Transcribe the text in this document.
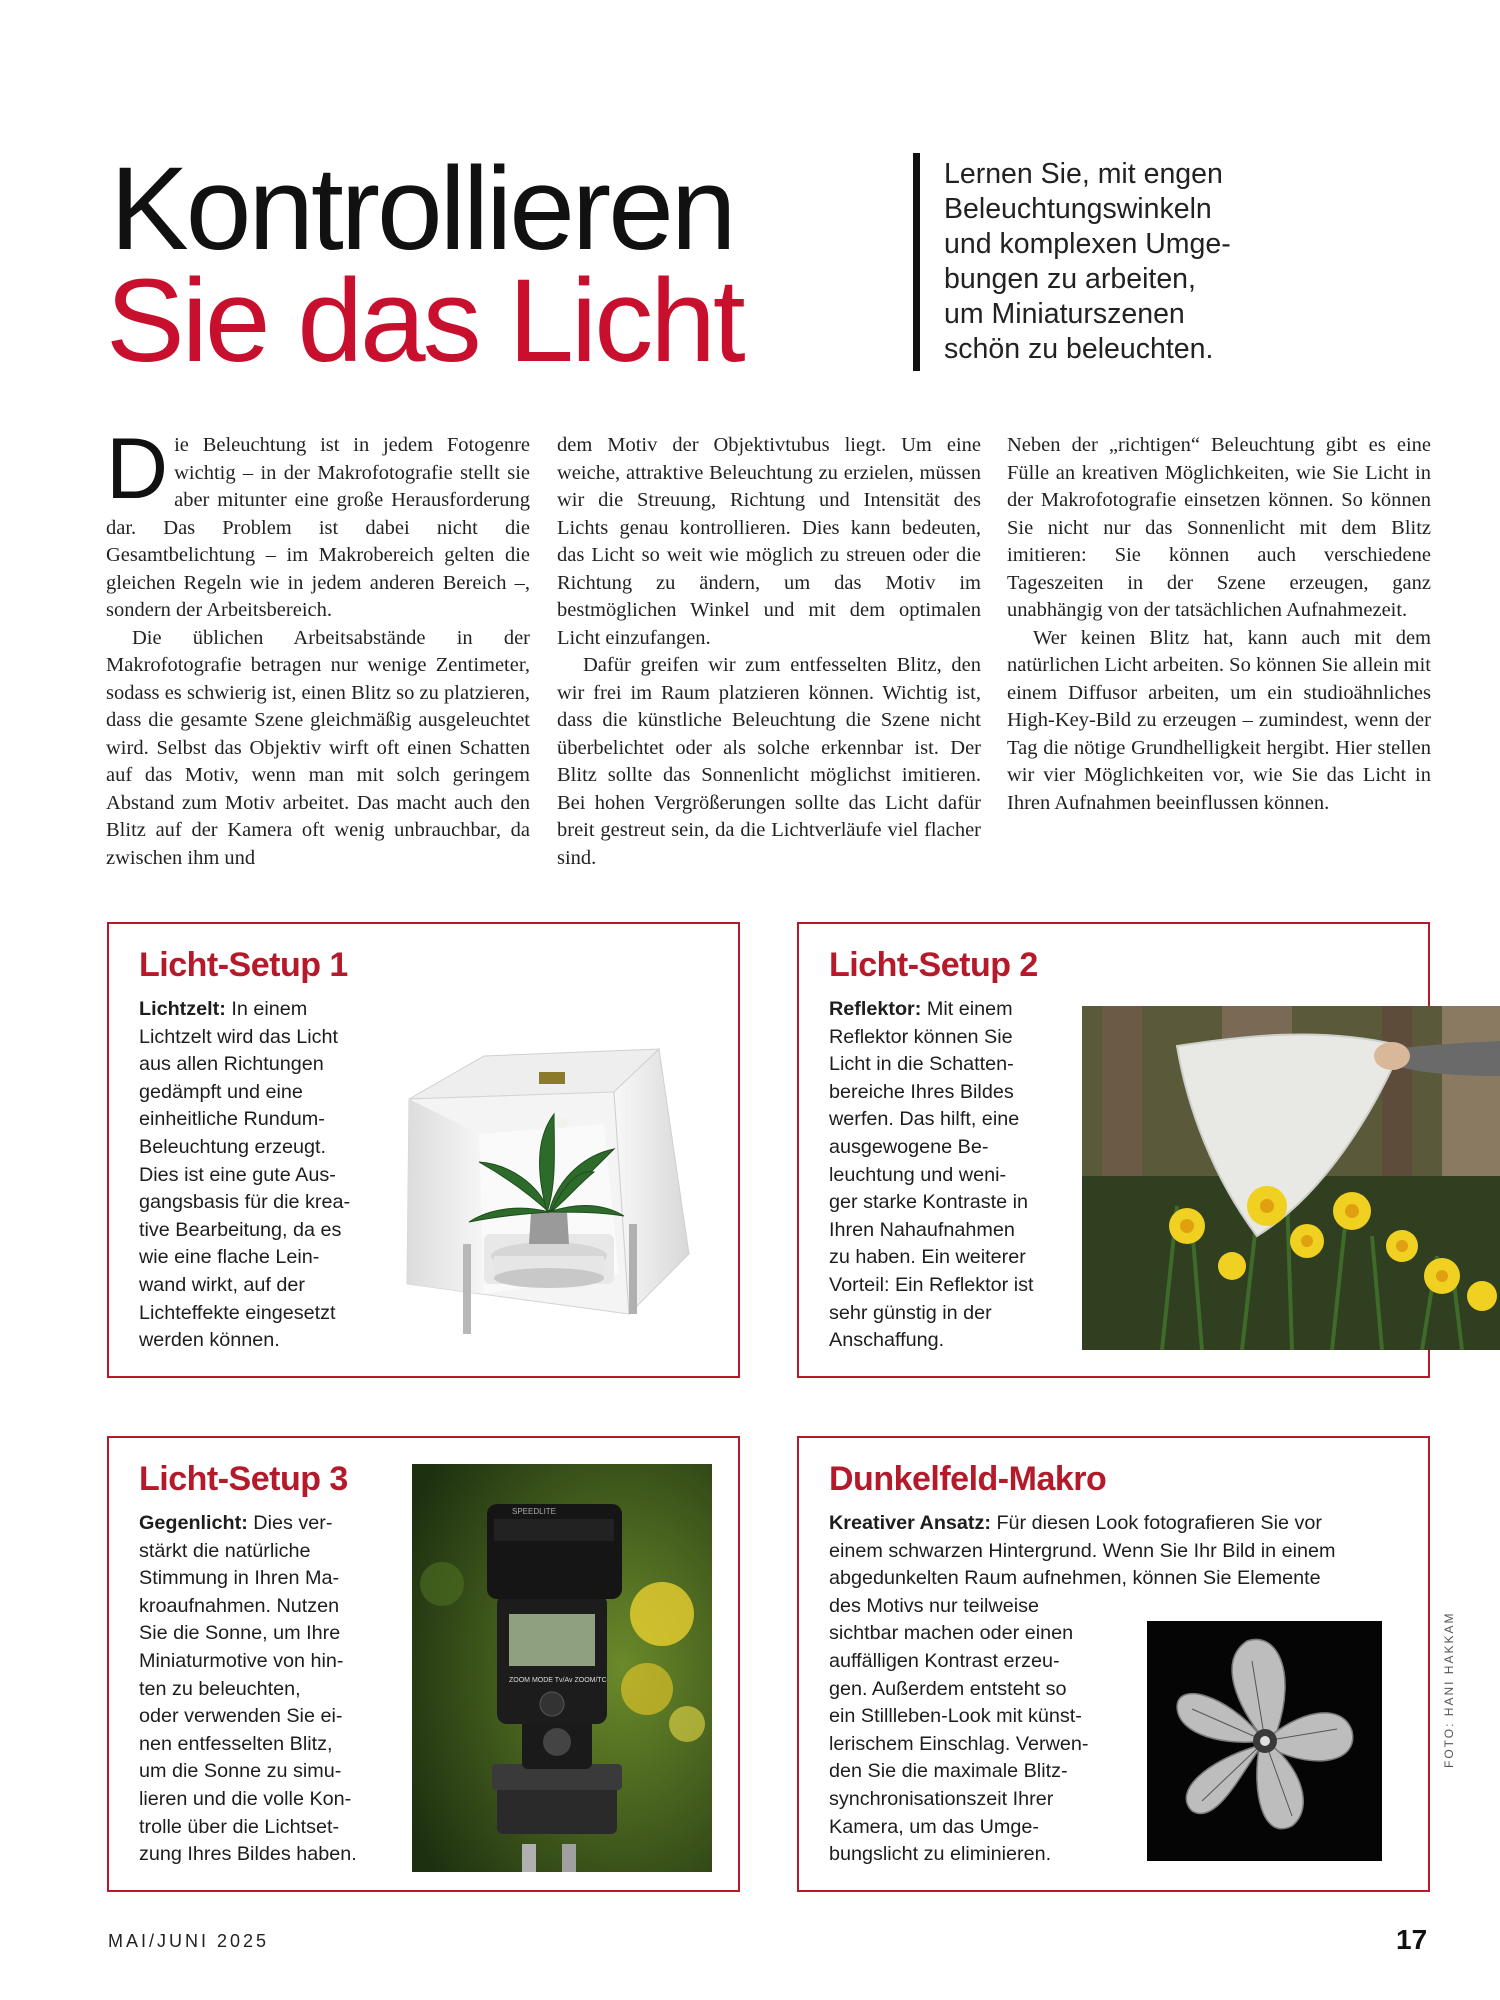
Kontrollieren
Sie das Licht
Lernen Sie, mit engen
Beleuchtungswinkeln
und komplexen Umge-
bungen zu arbeiten,
um Miniaturszenen
schön zu beleuchten.

Die Beleuchtung ist in jedem Fotogenre wichtig – in der Makrofotografie stellt sie aber mitunter eine große Herausforderung dar. Das Problem ist dabei nicht die Gesamtbelichtung – im Makrobereich gelten die gleichen Regeln wie in jedem anderen Bereich –, sondern der Arbeitsbereich.

Die üblichen Arbeitsabstände in der Makrofotografie betragen nur wenige Zentimeter, sodass es schwierig ist, einen Blitz so zu platzieren, dass die gesamte Szene gleichmäßig ausgeleuchtet wird. Selbst das Objektiv wirft oft einen Schatten auf das Motiv, wenn man mit solch geringem Abstand zum Motiv arbeitet. Das macht auch den Blitz auf der Kamera oft wenig unbrauchbar, da zwischen ihm und

dem Motiv der Objektivtubus liegt. Um eine weiche, attraktive Beleuchtung zu erzielen, müssen wir die Streuung, Richtung und Intensität des Lichts genau kontrollieren. Dies kann bedeuten, das Licht so weit wie möglich zu streuen oder die Richtung zu ändern, um das Motiv im bestmöglichen Winkel und mit dem optimalen Licht einzufangen.

Dafür greifen wir zum entfesselten Blitz, den wir frei im Raum platzieren können. Wichtig ist, dass die künstliche Beleuchtung die Szene nicht überbelichtet oder als solche erkennbar ist. Der Blitz sollte das Sonnenlicht möglichst imitieren. Bei hohen Vergrößerungen sollte das Licht dafür breit gestreut sein, da die Lichtverläufe viel flacher sind.

Neben der „richtigen“ Beleuchtung gibt es eine Fülle an kreativen Möglichkeiten, wie Sie Licht in der Makrofotografie einsetzen können. So können Sie nicht nur das Sonnenlicht mit dem Blitz imitieren: Sie können auch verschiedene Tageszeiten in der Szene erzeugen, ganz unabhängig von der tatsächlichen Aufnahmezeit.

Wer keinen Blitz hat, kann auch mit dem natürlichen Licht arbeiten. So können Sie allein mit einem Diffusor arbeiten, um ein studioähnliches High-Key-Bild zu erzeugen – zumindest, wenn der Tag die nötige Grundhelligkeit hergibt. Hier stellen wir vier Möglichkeiten vor, wie Sie das Licht in Ihren Aufnahmen beeinflussen können.

Licht-Setup 1
Lichtzelt: In einem
Lichtzelt wird das Licht
aus allen Richtungen
gedämpft und eine
einheitliche Rundum-
Beleuchtung erzeugt.
Dies ist eine gute Aus-
gangsbasis für die krea-
tive Bearbeitung, da es
wie eine flache Lein-
wand wirkt, auf der
Lichteffekte eingesetzt
werden können.
Licht-Setup 2
Reflektor: Mit einem
Reflektor können Sie
Licht in die Schatten-
bereiche Ihres Bildes
werfen. Das hilft, eine
ausgewogene Be-
leuchtung und weni-
ger starke Kontraste in
Ihren Nahaufnahmen
zu haben. Ein weiterer
Vorteil: Ein Reflektor ist
sehr günstig in der
Anschaffung.
Licht-Setup 3
Gegenlicht: Dies ver-
stärkt die natürliche
Stimmung in Ihren Ma-
kroaufnahmen. Nutzen
Sie die Sonne, um Ihre
Miniaturmotive von hin-
ten zu beleuchten,
oder verwenden Sie ei-
nen entfesselten Blitz,
um die Sonne zu simu-
lieren und die volle Kon-
trolle über die Lichtset-
zung Ihres Bildes haben.
ZOOM MODE Tv/Av ZOOM/TC
SPEEDLITE
Dunkelfeld-Makro
Kreativer Ansatz: Für diesen Look fotografieren Sie vor
einem schwarzen Hintergrund. Wenn Sie Ihr Bild in einem
abgedunkelten Raum aufnehmen, können Sie Elemente
des Motivs nur teilweise
sichtbar machen oder einen
auffälligen Kontrast erzeu-
gen. Außerdem entsteht so
ein Stillleben-Look mit künst-
lerischem Einschlag. Verwen-
den Sie die maximale Blitz-
synchronisationszeit Ihrer
Kamera, um das Umge-
bungslicht zu eliminieren.
FOTO: HANI HAKKAM
MAI/JUNI 2025	17
